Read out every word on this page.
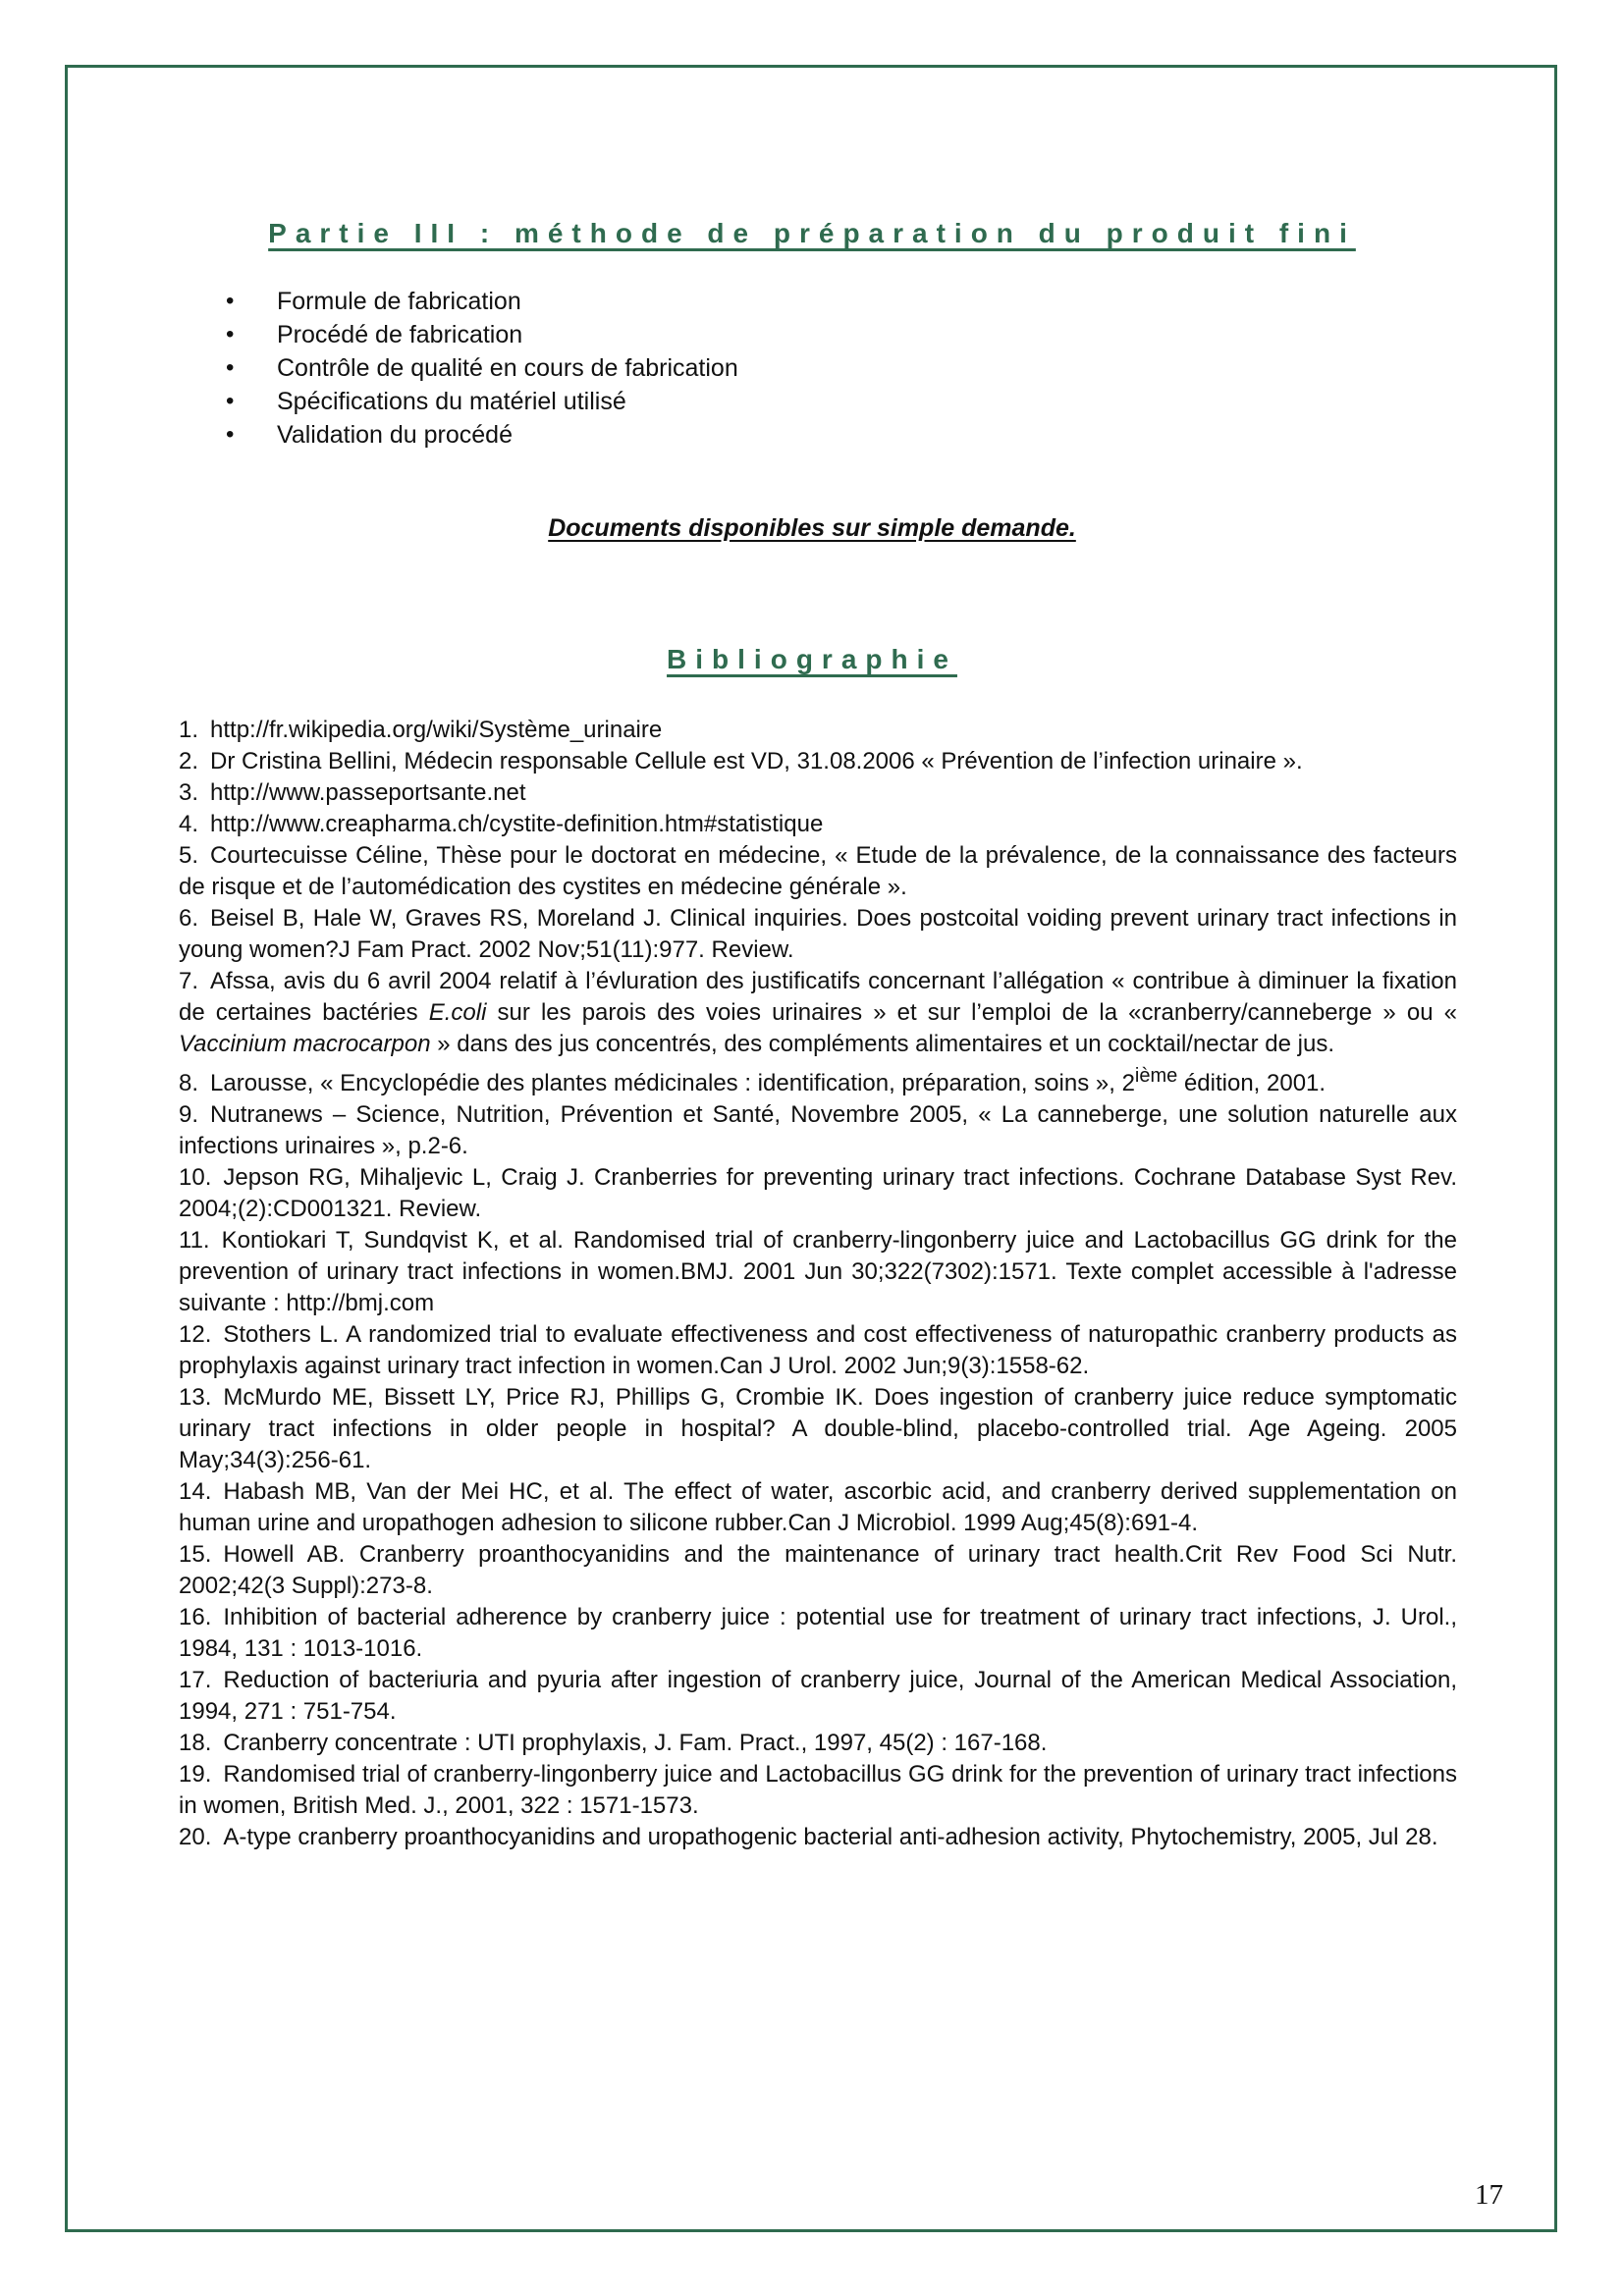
Partie III : méthode de préparation du produit fini
• Formule de fabrication
• Procédé de fabrication
• Contrôle de qualité en cours de fabrication
• Spécifications du matériel utilisé
• Validation du procédé
Documents disponibles sur simple demande.
Bibliographie
1. http://fr.wikipedia.org/wiki/Système_urinaire
2. Dr Cristina Bellini, Médecin responsable Cellule est VD, 31.08.2006 « Prévention de l’infection urinaire ».
3. http://www.passeportsante.net
4. http://www.creapharma.ch/cystite-definition.htm#statistique
5. Courtecuisse Céline, Thèse pour le doctorat en médecine, « Etude de la prévalence, de la connaissance des facteurs de risque et de l’automédication des cystites en médecine générale ».
6. Beisel B, Hale W, Graves RS, Moreland J. Clinical inquiries. Does postcoital voiding prevent urinary tract infections in young women?J Fam Pract. 2002 Nov;51(11):977. Review.
7. Afssa, avis du 6 avril 2004 relatif à l’évluration des justificatifs concernant l’allégation « contribue à diminuer la fixation de certaines bactéries E.coli sur les parois des voies urinaires » et sur l’emploi de la «cranberry/canneberge » ou « Vaccinium macrocarpon » dans des jus concentrés, des compléments alimentaires et un cocktail/nectar de jus.
8. Larousse, « Encyclopédie des plantes médicinales : identification, préparation, soins », 2ième édition, 2001.
9. Nutranews – Science, Nutrition, Prévention et Santé, Novembre 2005, « La canneberge, une solution naturelle aux infections urinaires », p.2-6.
10. Jepson RG, Mihaljevic L, Craig J. Cranberries for preventing urinary tract infections. Cochrane Database Syst Rev. 2004;(2):CD001321. Review.
11. Kontiokari T, Sundqvist K, et al. Randomised trial of cranberry-lingonberry juice and Lactobacillus GG drink for the prevention of urinary tract infections in women.BMJ. 2001 Jun 30;322(7302):1571. Texte complet accessible à l'adresse suivante : http://bmj.com
12. Stothers L. A randomized trial to evaluate effectiveness and cost effectiveness of naturopathic cranberry products as prophylaxis against urinary tract infection in women.Can J Urol. 2002 Jun;9(3):1558-62.
13. McMurdo ME, Bissett LY, Price RJ, Phillips G, Crombie IK. Does ingestion of cranberry juice reduce symptomatic urinary tract infections in older people in hospital? A double-blind, placebo-controlled trial. Age Ageing. 2005 May;34(3):256-61.
14. Habash MB, Van der Mei HC, et al. The effect of water, ascorbic acid, and cranberry derived supplementation on human urine and uropathogen adhesion to silicone rubber.Can J Microbiol. 1999 Aug;45(8):691-4.
15. Howell AB. Cranberry proanthocyanidins and the maintenance of urinary tract health.Crit Rev Food Sci Nutr. 2002;42(3 Suppl):273-8.
16. Inhibition of bacterial adherence by cranberry juice : potential use for treatment of urinary tract infections, J. Urol., 1984, 131 : 1013-1016.
17. Reduction of bacteriuria and pyuria after ingestion of cranberry juice, Journal of the American Medical Association, 1994, 271 : 751-754.
18. Cranberry concentrate : UTI prophylaxis, J. Fam. Pract., 1997, 45(2) : 167-168.
19. Randomised trial of cranberry-lingonberry juice and Lactobacillus GG drink for the prevention of urinary tract infections in women, British Med. J., 2001, 322 : 1571-1573.
20. A-type cranberry proanthocyanidins and uropathogenic bacterial anti-adhesion activity, Phytochemistry, 2005, Jul 28.
17
